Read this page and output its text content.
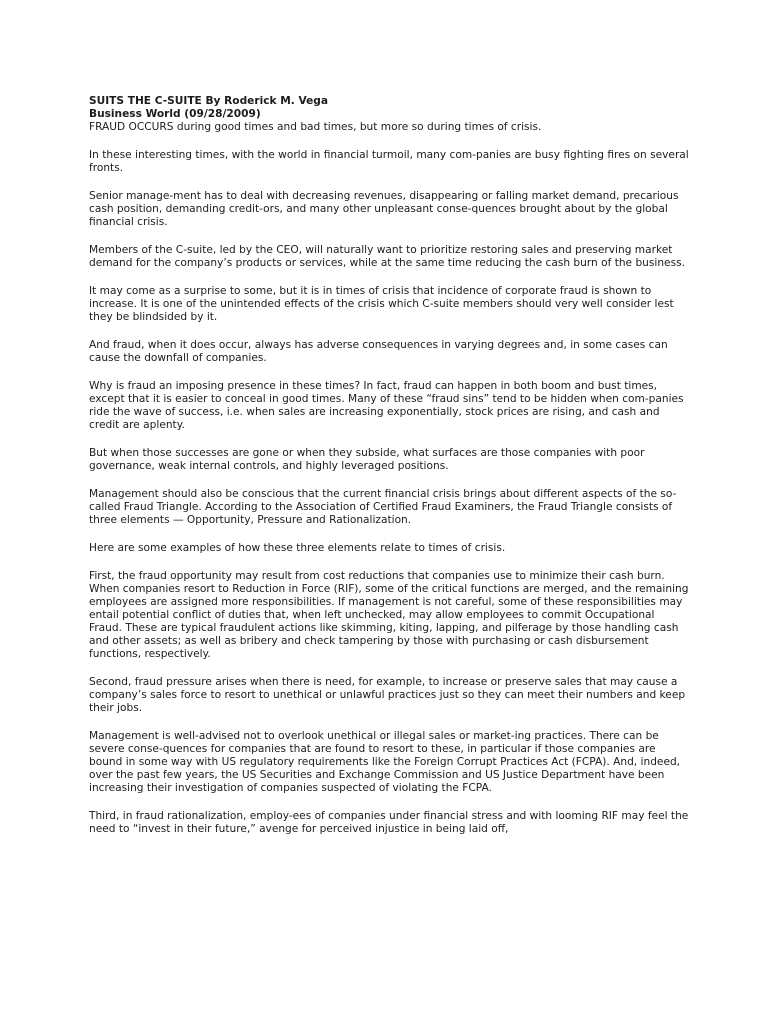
SUITS THE C-SUITE By Roderick M. Vega

Business World (09/28/2009)

FRAUD OCCURS during good times and bad times, but more so during times of crisis.

In these interesting times, with the world in financial turmoil, many com-panies are busy fighting fires on several fronts.

Senior manage-ment has to deal with decreasing revenues, disappearing or falling market demand, precarious cash position, demanding credit-ors, and many other unpleasant conse-quences brought about by the global financial crisis.

Members of the C-suite, led by the CEO, will naturally want to prioritize restoring sales and preserving market demand for the company’s products or services, while at the same time reducing the cash burn of the business.

It may come as a surprise to some, but it is in times of crisis that incidence of corporate fraud is shown to increase. It is one of the unintended effects of the crisis which C-suite members should very well consider lest they be blindsided by it.

And fraud, when it does occur, always has adverse consequences in varying degrees and, in some cases can cause the downfall of companies.

Why is fraud an imposing presence in these times? In fact, fraud can happen in both boom and bust times, except that it is easier to conceal in good times. Many of these “fraud sins” tend to be hidden when com-panies ride the wave of success, i.e. when sales are increasing exponentially, stock prices are rising, and cash and credit are aplenty.

But when those successes are gone or when they subside, what surfaces are those companies with poor governance, weak internal controls, and highly leveraged positions.

Management should also be conscious that the current financial crisis brings about different aspects of the so-called Fraud Triangle. According to the Association of Certified Fraud Examiners, the Fraud Triangle consists of three elements — Opportunity, Pressure and Rationalization.

Here are some examples of how these three elements relate to times of crisis.

First, the fraud opportunity may result from cost reductions that companies use to minimize their cash burn.

When companies resort to Reduction in Force (RIF), some of the critical functions are merged, and the remaining employees are assigned more responsibilities. If management is not careful, some of these responsibilities may entail potential conflict of duties that, when left unchecked, may allow employees to commit Occupational Fraud. These are typical fraudulent actions like skimming, kiting, lapping, and pilferage by those handling cash and other assets; as well as bribery and check tampering by those with purchasing or cash disbursement functions, respectively.

Second, fraud pressure arises when there is need, for example, to increase or preserve sales that may cause a company’s sales force to resort to unethical or unlawful practices just so they can meet their numbers and keep their jobs.

Management is well-advised not to overlook unethical or illegal sales or market-ing practices. There can be severe conse-quences for companies that are found to resort to these, in particular if those companies are bound in some way with US regulatory requirements like the Foreign Corrupt Practices Act (FCPA). And, indeed, over the past few years, the US Securities and Exchange Commission and US Justice Department have been increasing their investigation of companies suspected of violating the FCPA.

Third, in fraud rationalization, employ-ees of companies under financial stress and with looming RIF may feel the need to “invest in their future,” avenge for perceived injustice in being laid off,
